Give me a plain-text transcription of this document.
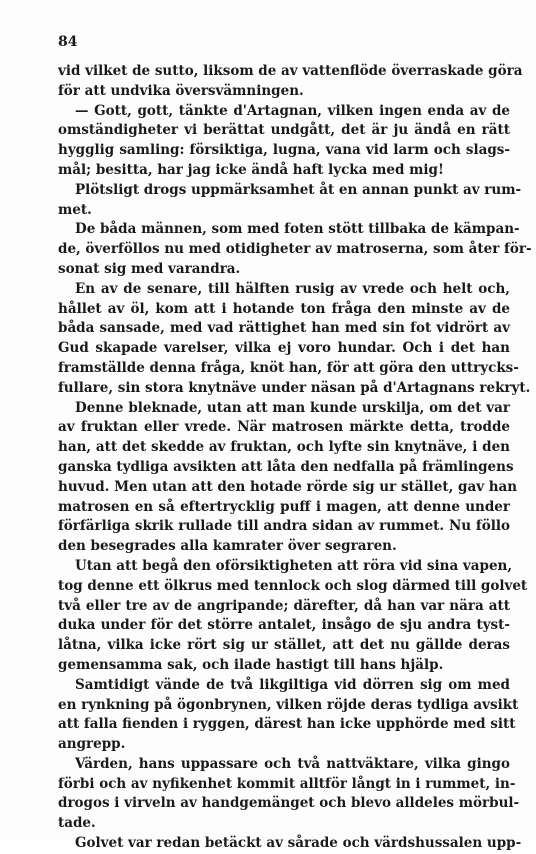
84
vid vilket de sutto, liksom de av vattenflöde överraskade göra
för att undvika översvämningen.
— Gott, gott, tänkte d'Artagnan, vilken ingen enda av de
omständigheter vi berättat undgått, det är ju ändå en rätt
hygglig samling: försiktiga, lugna, vana vid larm och slags-
mål; besitta, har jag icke ändå haft lycka med mig!
Plötsligt drogs uppmärksamhet åt en annan punkt av rum-
met.
De båda männen, som med foten stött tillbaka de kämpan-
de, överföllos nu med otidigheter av matroserna, som åter för-
sonat sig med varandra.
En av de senare, till hälften rusig av vrede och helt och,
hållet av öl, kom att i hotande ton fråga den minste av de
båda sansade, med vad rättighet han med sin fot vidrört av
Gud skapade varelser, vilka ej voro hundar. Och i det han
framställde denna fråga, knöt han, för att göra den uttrycks-
fullare, sin stora knytnäve under näsan på d'Artagnans rekryt.
Denne bleknade, utan att man kunde urskilja, om det var
av fruktan eller vrede. När matrosen märkte detta, trodde
han, att det skedde av fruktan, och lyfte sin knytnäve, i den
ganska tydliga avsikten att låta den nedfalla på främlingens
huvud. Men utan att den hotade rörde sig ur stället, gav han
matrosen en så eftertrycklig puff i magen, att denne under
förfärliga skrik rullade till andra sidan av rummet. Nu föllo
den besegrades alla kamrater över segraren.
Utan att begå den oförsiktigheten att röra vid sina vapen,
tog denne ett ölkrus med tennlock och slog därmed till golvet
två eller tre av de angripande; därefter, då han var nära att
duka under för det större antalet, insågo de sju andra tyst-
låtna, vilka icke rört sig ur stället, att det nu gällde deras
gemensamma sak, och ilade hastigt till hans hjälp.
Samtidigt vände de två likgiltiga vid dörren sig om med
en rynkning på ögonbrynen, vilken röjde deras tydliga avsikt
att falla fienden i ryggen, därest han icke upphörde med sitt
angrepp.
Värden, hans uppassare och två nattväktare, vilka gingo
förbi och av nyfikenhet kommit alltför långt in i rummet, in-
drogos i virveln av handgemänget och blevo alldeles mörbul-
tade.
Golvet var redan betäckt av sårade och värdshussalen upp-
